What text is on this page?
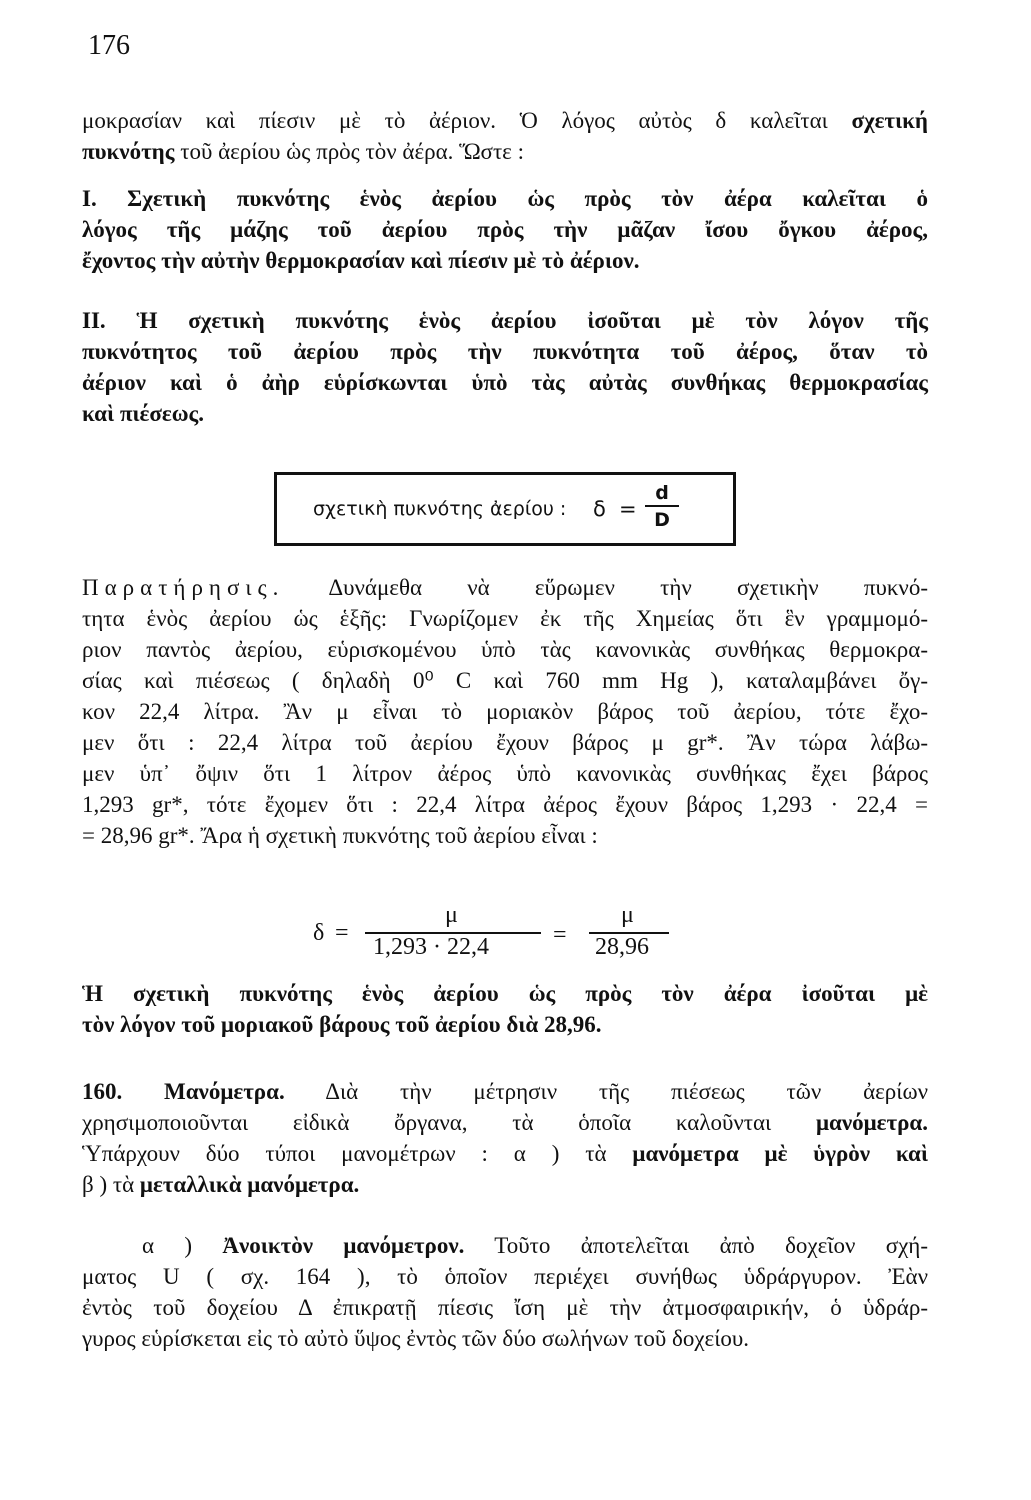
176
μοκρασίαν καὶ πίεσιν μὲ τὸ ἀέριον. Ὁ λόγος αὐτὸς δ καλεῖται σχετική
πυκνότης τοῦ ἀερίου ὡς πρὸς τὸν ἀέρα. Ὥστε :
I. Σχετικὴ πυκνότης ἑνὸς ἀερίου ὡς πρὸς τὸν ἀέρα καλεῖται ὁ
λόγος τῆς μάζης τοῦ ἀερίου πρὸς τὴν μᾶζαν ἴσου ὄγκου ἀέρος,
ἔχοντος τὴν αὐτὴν θερμοκρασίαν καὶ πίεσιν μὲ τὸ ἀέριον.
II. Ἡ σχετικὴ πυκνότης ἑνὸς ἀερίου ἰσοῦται μὲ τὸν λόγον τῆς
πυκνότητος τοῦ ἀερίου πρὸς τὴν πυκνότητα τοῦ ἀέρος, ὅταν τὸ
ἀέριον καὶ ὁ ἀὴρ εὑρίσκωνται ὑπὸ τὰς αὐτὰς συνθήκας θερμοκρασίας
καὶ πιέσεως.
σχετικὴ πυκνότης ἀερίου : $\delta = \frac{d}{D}$
Παρατήρησις. Δυνάμεθα νὰ εὕρωμεν τὴν σχετικὴν πυκνό-
τητα ἑνὸς ἀερίου ὡς ἑξῆς: Γνωρίζομεν ἐκ τῆς Χημείας ὅτι ἓν γραμμομό-
ριον παντὸς ἀερίου, εὑρισκομένου ὑπὸ τὰς κανονικὰς συνθήκας θερμοκρα-
σίας καὶ πιέσεως ( δηλαδὴ 0⁰ C καὶ 760 mm Hg ), καταλαμβάνει ὄγ-
κον 22,4 λίτρα. Ἂν μ εἶναι τὸ μοριακὸν βάρος τοῦ ἀερίου, τότε ἔχο-
μεν ὅτι : 22,4 λίτρα τοῦ ἀερίου ἔχουν βάρος μ gr*. Ἂν τώρα λάβω-
μεν ὑπ᾽ ὄψιν ὅτι 1 λίτρον ἀέρος ὑπὸ κανονικὰς συνθήκας ἔχει βάρος
1,293 gr*, τότε ἔχομεν ὅτι : 22,4 λίτρα ἀέρος ἔχουν βάρος 1,293 · 22,4 =
= 28,96 gr*. Ἄρα ἡ σχετικὴ πυκνότης τοῦ ἀερίου εἶναι :
δ =
μ
1,293 · 22,4	=
μ
28,96
Ἡ σχετικὴ πυκνότης ἑνὸς ἀερίου ὡς πρὸς τὸν ἀέρα ἰσοῦται μὲ
τὸν λόγον τοῦ μοριακοῦ βάρους τοῦ ἀερίου διὰ 28,96.
160. Μανόμετρα. Διὰ τὴν μέτρησιν τῆς πιέσεως τῶν ἀερίων
χρησιμοποιοῦνται εἰδικὰ ὄργανα, τὰ ὁποῖα καλοῦνται μανόμετρα.
Ὑπάρχουν δύο τύποι μανομέτρων : α ) τὰ μανόμετρα μὲ ὑγρὸν καὶ
β ) τὰ μεταλλικὰ μανόμετρα.
α ) Ἀνοικτὸν μανόμετρον. Τοῦτο ἀποτελεῖται ἀπὸ δοχεῖον σχή-
ματος U ( σχ. 164 ), τὸ ὁποῖον περιέχει συνήθως ὑδράργυρον. Ἐὰν
ἐντὸς τοῦ δοχείου Δ ἐπικρατῇ πίεσις ἴση μὲ τὴν ἀτμοσφαιρικήν, ὁ ὑδράρ-
γυρος εὑρίσκεται εἰς τὸ αὐτὸ ὕψος ἐντὸς τῶν δύο σωλήνων τοῦ δοχείου.
